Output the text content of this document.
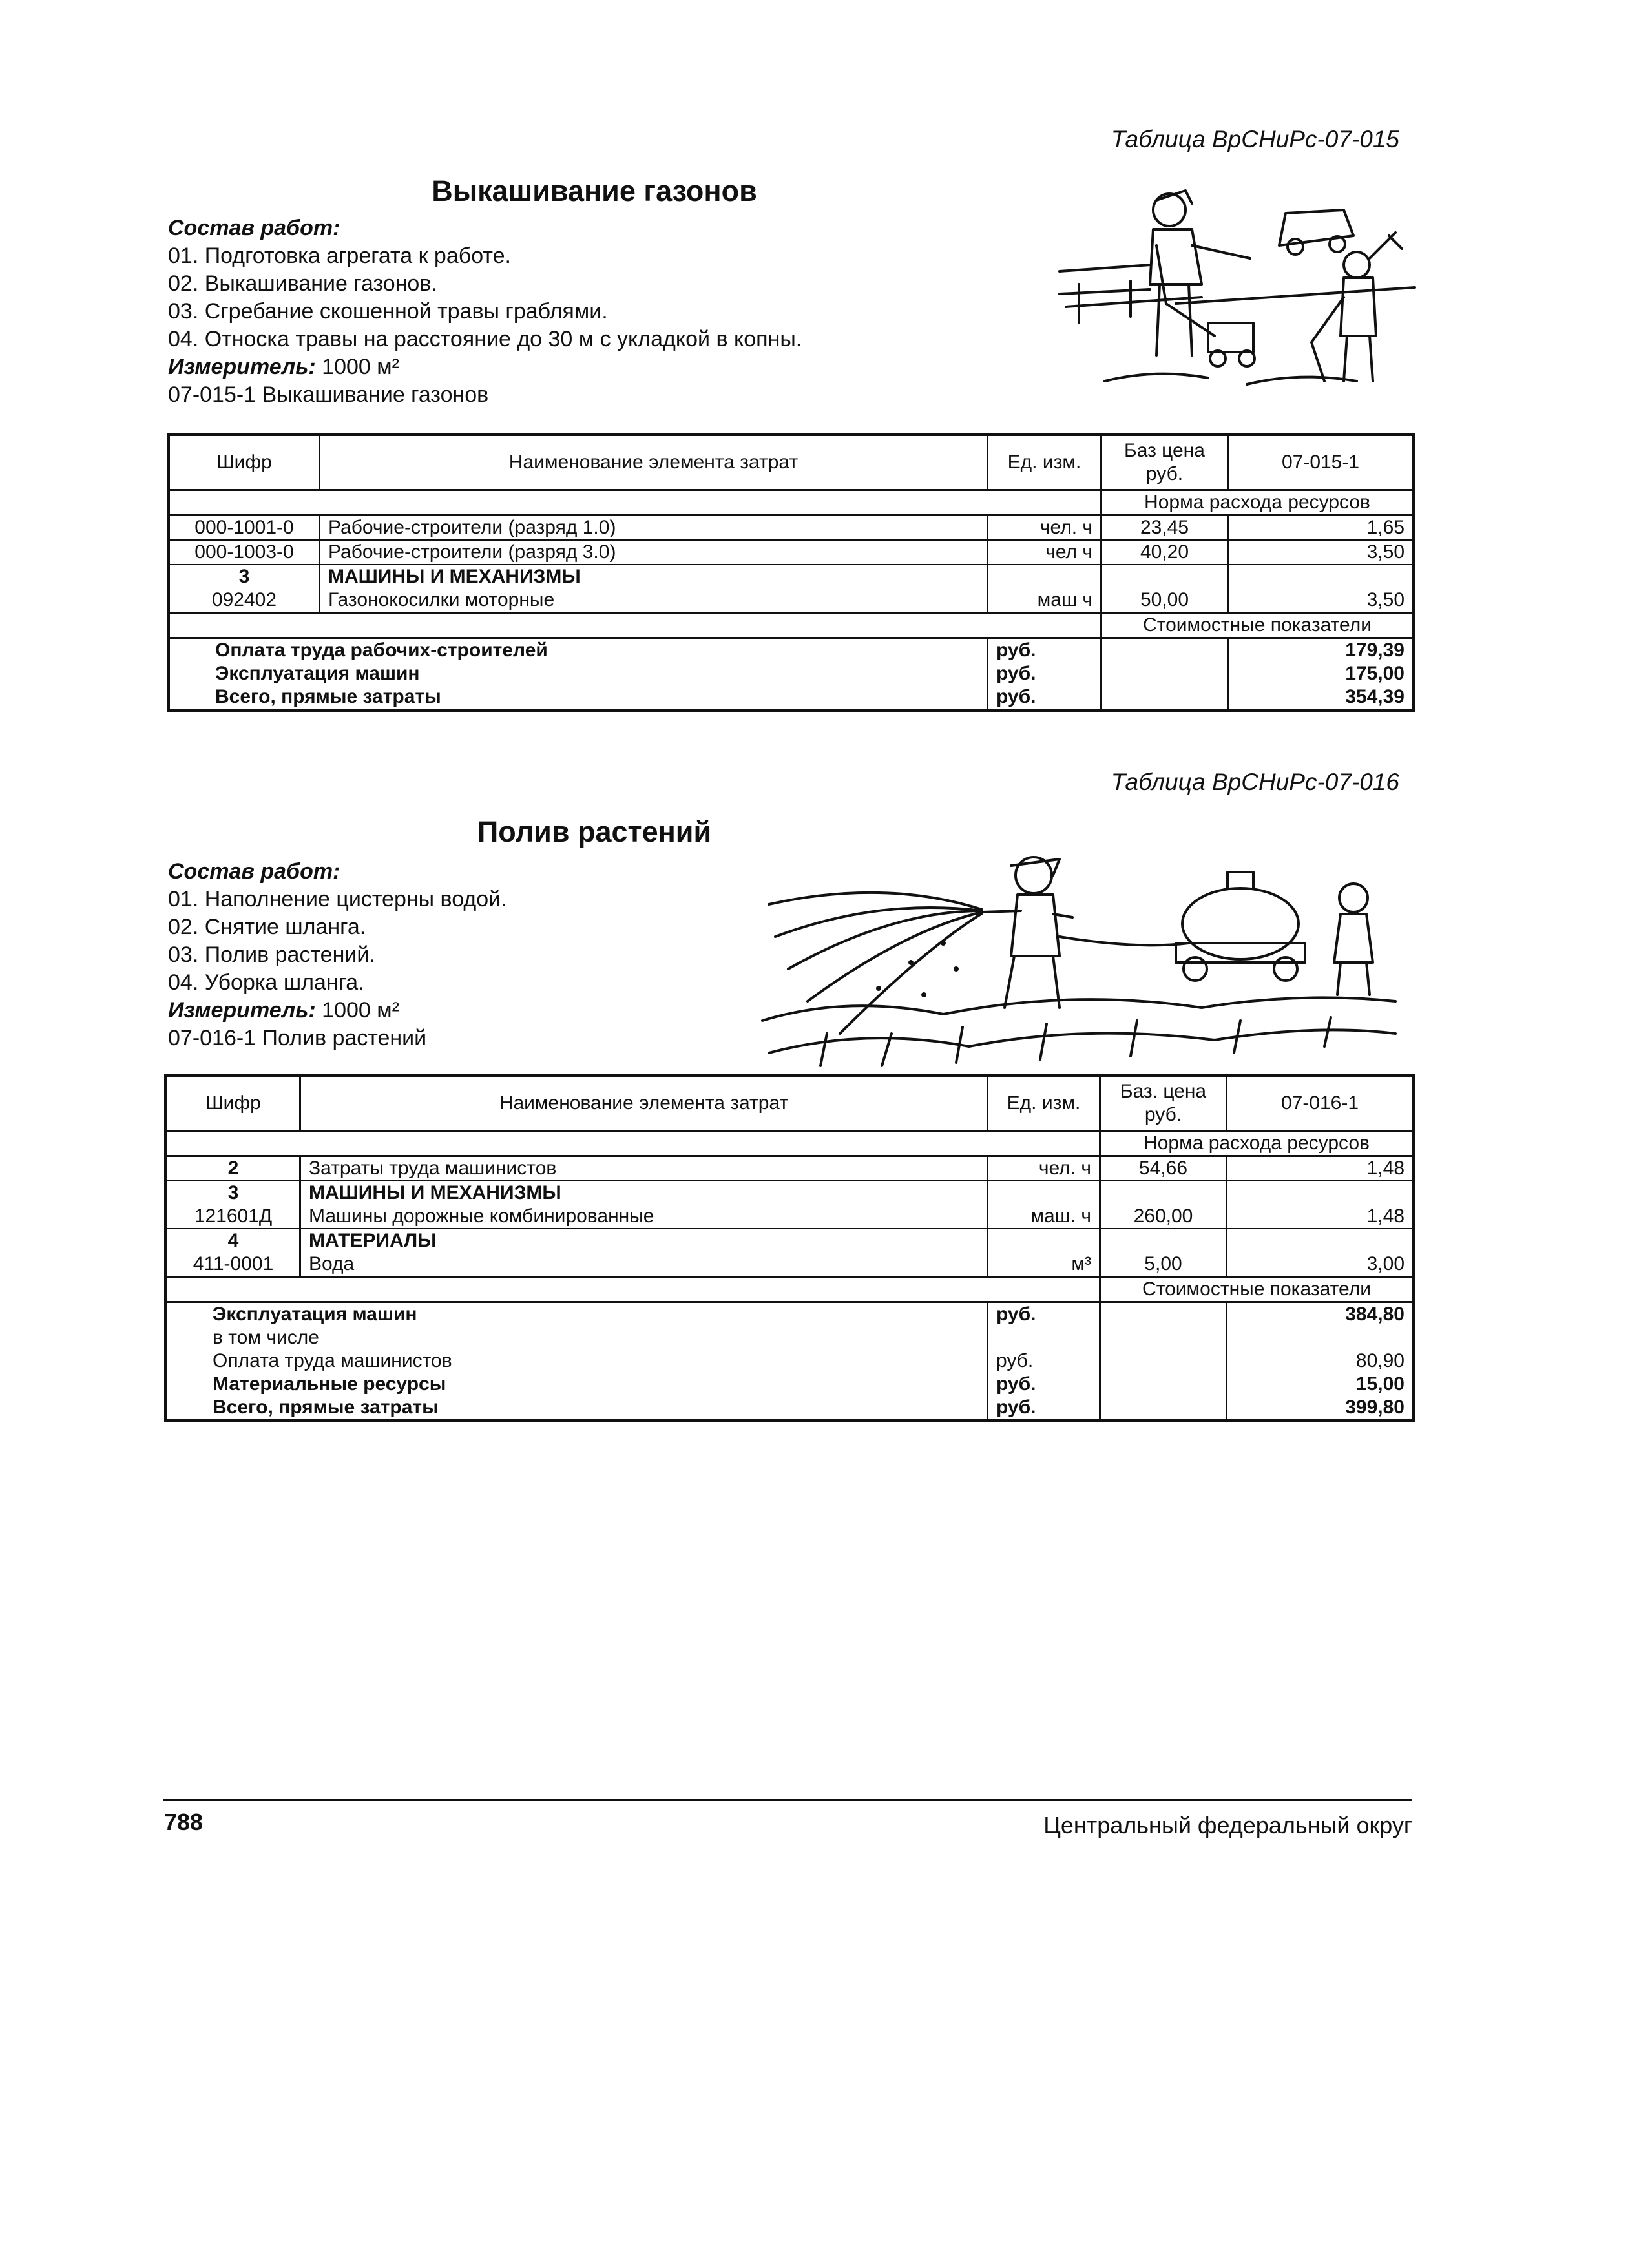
Таблица ВрСНиРс-07-015
Выкашивание газонов
Состав работ:
01. Подготовка агрегата к работе.
02. Выкашивание газонов.
03. Сгребание скошенной травы граблями.
04. Относка травы на расстояние до 30 м с укладкой в копны.
Измеритель: 1000 м²
07-015-1 Выкашивание газонов
Шифр	Наименование элемента затрат	Ед. изм.	Баз цена руб.	07-015-1
			Норма расхода ресурсов	
000-1001-0	Рабочие-строители (разряд 1.0)	чел. ч	23,45	1,65
000-1003-0	Рабочие-строители (разряд 3.0)	чел ч	40,20	3,50
3	МАШИНЫ И МЕХАНИЗМЫ			
092402	Газонокосилки моторные	маш ч	50,00	3,50
			Стоимостные показатели	
Оплата труда рабочих-строителей		руб.		179,39
Эксплуатация машин		руб.		175,00
Всего, прямые затраты		руб.		354,39
Таблица ВрСНиРс-07-016
Полив растений
Состав работ:
01. Наполнение цистерны водой.
02. Снятие шланга.
03. Полив растений.
04. Уборка шланга.
Измеритель: 1000 м²
07-016-1 Полив растений
Шифр	Наименование элемента затрат	Ед. изм.	Баз. цена руб.	07-016-1
			Норма расхода ресурсов	
2	Затраты труда машинистов	чел. ч	54,66	1,48
3	МАШИНЫ И МЕХАНИЗМЫ			
121601Д	Машины дорожные комбинированные	маш. ч	260,00	1,48
4	МАТЕРИАЛЫ			
411-0001	Вода	м³	5,00	3,00
			Стоимостные показатели	
Эксплуатация машин		руб.		384,80
в том числе				
Оплата труда машинистов		руб.		80,90
Материальные ресурсы		руб.		15,00
Всего, прямые затраты		руб.		399,80
788	Центральный федеральный округ
